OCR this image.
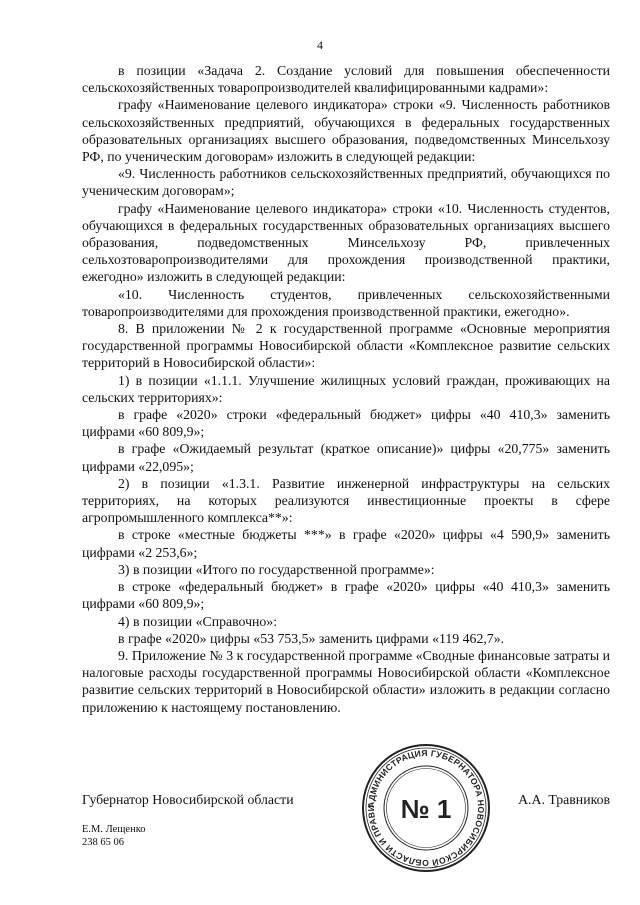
4

в позиции «Задача 2. Создание условий для повышения обеспеченности сельскохозяйственных товаропроизводителей квалифицированными кадрами»:

графу «Наименование целевого индикатора» строки «9. Численность работников сельскохозяйственных предприятий, обучающихся в федеральных государственных образовательных организациях высшего образования, подведомственных Минсельхозу РФ, по ученическим договорам» изложить в следующей редакции:

«9. Численность работников сельскохозяйственных предприятий, обучающихся по ученическим договорам»;

графу «Наименование целевого индикатора» строки «10. Численность студентов, обучающихся в федеральных государственных образовательных организациях высшего образования, подведомственных Минсельхозу РФ, привлеченных сельхозтоваропроизводителями для прохождения производственной практики, ежегодно» изложить в следующей редакции:

«10. Численность студентов, привлеченных сельскохозяйственными товаропроизводителями для прохождения производственной практики, ежегодно».

8. В приложении № 2 к государственной программе «Основные мероприятия государственной программы Новосибирской области «Комплексное развитие сельских территорий в Новосибирской области»:

1) в позиции «1.1.1. Улучшение жилищных условий граждан, проживающих на сельских территориях»:

в графе «2020» строки «федеральный бюджет» цифры «40 410,3» заменить цифрами «60 809,9»;

в графе «Ожидаемый результат (краткое описание)» цифры «20,775» заменить цифрами «22,095»;

2) в позиции «1.3.1. Развитие инженерной инфраструктуры на сельских территориях, на которых реализуются инвестиционные проекты в сфере агропромышленного комплекса**»:

в строке «местные бюджеты ***» в графе «2020» цифры «4 590,9» заменить цифрами «2 253,6»;

3) в позиции «Итого по государственной программе»:

в строке «федеральный бюджет» в графе «2020» цифры «40 410,3» заменить цифрами «60 809,9»;

4) в позиции «Справочно»:

в графе «2020» цифры «53 753,5» заменить цифрами «119 462,7».

9. Приложение № 3 к государственной программе «Сводные финансовые затраты и налоговые расходы государственной программы Новосибирской области «Комплексное развитие сельских территорий в Новосибирской области» изложить в редакции согласно приложению к настоящему постановлению.

Губернатор Новосибирской области	А.А. Травников
Е.М. Лещенко
238 65 06
АДМИНИСТРАЦИЯ ГУБЕРНАТОРА НОВОСИБИРСКОЙ ОБЛАСТИ И ПРАВИ № 1
